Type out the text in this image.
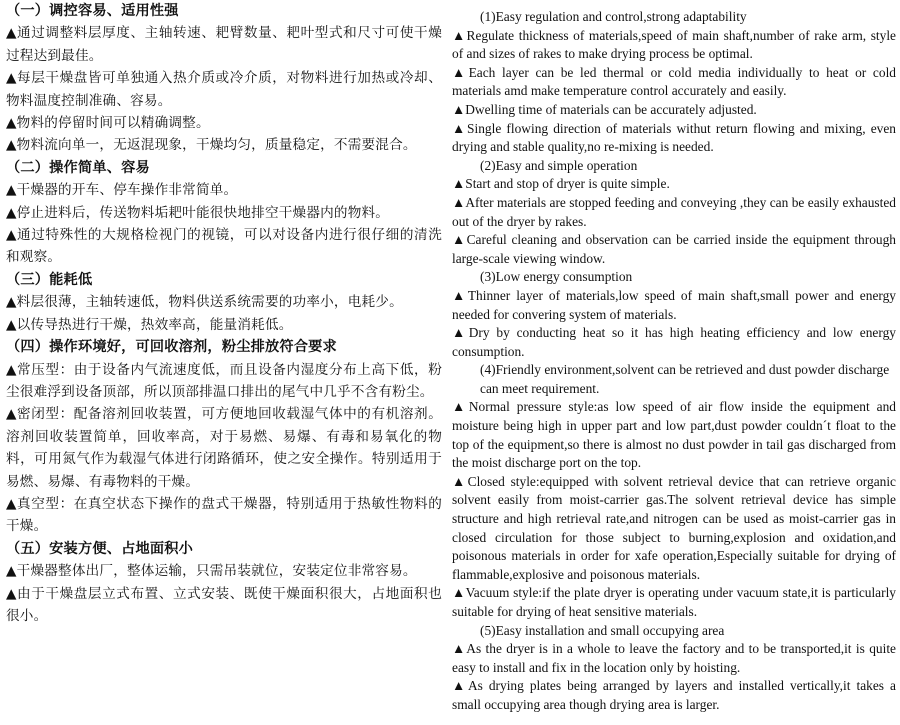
（一）调控容易、适用性强
▲通过调整料层厚度、主轴转速、耙臂数量、耙叶型式和尺寸可使干燥过程达到最佳。
▲每层干燥盘皆可单独通入热介质或冷介质，对物料进行加热或冷却、物料温度控制准确、容易。
▲物料的停留时间可以精确调整。
▲物料流向单一，无返混现象，干燥均匀，质量稳定，不需要混合。
（二）操作简单、容易
▲干燥器的开车、停车操作非常简单。
▲停止进料后，传送物料垢耙叶能很快地排空干燥器内的物料。
▲通过特殊性的大规格检视门的视镜，可以对设备内进行很仔细的清洗和观察。
（三）能耗低
▲料层很薄，主轴转速低，物料供送系统需要的功率小，电耗少。
▲以传导热进行干燥，热效率高，能量消耗低。
（四）操作环境好，可回收溶剂，粉尘排放符合要求
▲常压型：由于设备内气流速度低，而且设备内湿度分布上高下低，粉尘很难浮到设备顶部，所以顶部排温口排出的尾气中几乎不含有粉尘。
▲密闭型：配备溶剂回收装置，可方便地回收载湿气体中的有机溶剂。溶剂回收装置简单，回收率高，对于易燃、易爆、有毒和易氧化的物料，可用氮气作为载湿气体进行闭路循环，使之安全操作。特别适用于易燃、易爆、有毒物料的干燥。
▲真空型：在真空状态下操作的盘式干燥器，特别适用于热敏性物料的干燥。
（五）安装方便、占地面积小
▲干燥器整体出厂，整体运输，只需吊装就位，安装定位非常容易。
▲由于干燥盘层立式布置、立式安装、既使干燥面积很大，占地面积也很小。
(1)Easy regulation and control,strong adaptability
▲Regulate thickness of materials,speed of main shaft,number of rake arm, style of and sizes of rakes to make drying process be optimal.
▲Each layer can be led thermal or cold media individually to heat or cold materials amd make temperature control accurately and easily.
▲Dwelling time of materials can be accurately adjusted.
▲Single flowing direction of materials withut return flowing and mixing, even drying and stable quality,no re-mixing is needed.
(2)Easy and simple operation
▲Start and stop of dryer is quite simple.
▲After materials are stopped feeding and conveying ,they can be easily exhausted out of the dryer by rakes.
▲Careful cleaning and observation can be carried inside the equipment through large-scale viewing window.
(3)Low energy consumption
▲Thinner layer of materials,low speed of main shaft,small power and energy needed for convering system of materials.
▲Dry by conducting heat so it has high heating efficiency and low energy consumption.
(4)Friendly environment,solvent can be retrieved and dust powder discharge can meet requirement.
▲Normal pressure style:as low speed of air flow inside the equipment and moisture being high in upper part and low part,dust powder couldn´t float to the top of the equipment,so there is almost no dust powder in tail gas discharged from the moist discharge port on the top.
▲Closed style:equipped with solvent retrieval device that can retrieve organic solvent easily from moist-carrier gas.The solvent retrieval device has simple structure and high retrieval rate,and nitrogen can be used as moist-carrier gas in closed circulation for those subject to burning,explosion and oxidation,and poisonous materials in order for xafe operation,Especially suitable for drying of flammable,explosive and poisonous materials.
▲Vacuum style:if the plate dryer is operating under vacuum state,it is particularly suitable for drying of heat sensitive materials.
(5)Easy installation and small occupying area
▲As the dryer is in a whole to leave the factory and to be transported,it is quite easy to install and fix in the location only by hoisting.
▲As drying plates being arranged by layers and installed vertically,it takes a small occupying area though drying area is larger.
